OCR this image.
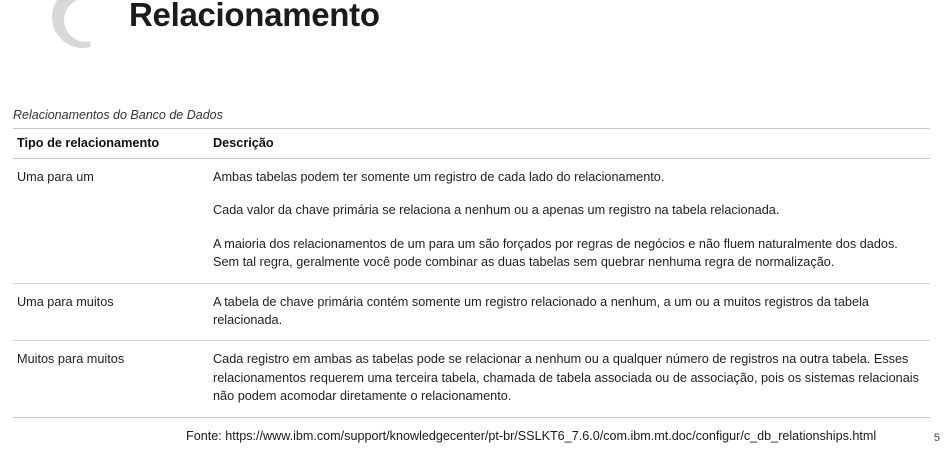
Relacionamento
Relacionamentos do Banco de Dados
Tipo de relacionamento	Descrição
Uma para um	Ambas tabelas podem ter somente um registro de cada lado do relacionamento.

Cada valor da chave primária se relaciona a nenhum ou a apenas um registro na tabela relacionada.

A maioria dos relacionamentos de um para um são forçados por regras de negócios e não fluem naturalmente dos dados. Sem tal regra, geralmente você pode combinar as duas tabelas sem quebrar nenhuma regra de normalização.

Uma para muitos	A tabela de chave primária contém somente um registro relacionado a nenhum, a um ou a muitos registros da tabela relacionada.

Muitos para muitos	Cada registro em ambas as tabelas pode se relacionar a nenhum ou a qualquer número de registros na outra tabela. Esses relacionamentos requerem uma terceira tabela, chamada de tabela associada ou de associação, pois os sistemas relacionais não podem acomodar diretamente o relacionamento.

Fonte: https://www.ibm.com/support/knowledgecenter/pt-br/SSLKT6_7.6.0/com.ibm.mt.doc/configur/c_db_relationships.html	5
